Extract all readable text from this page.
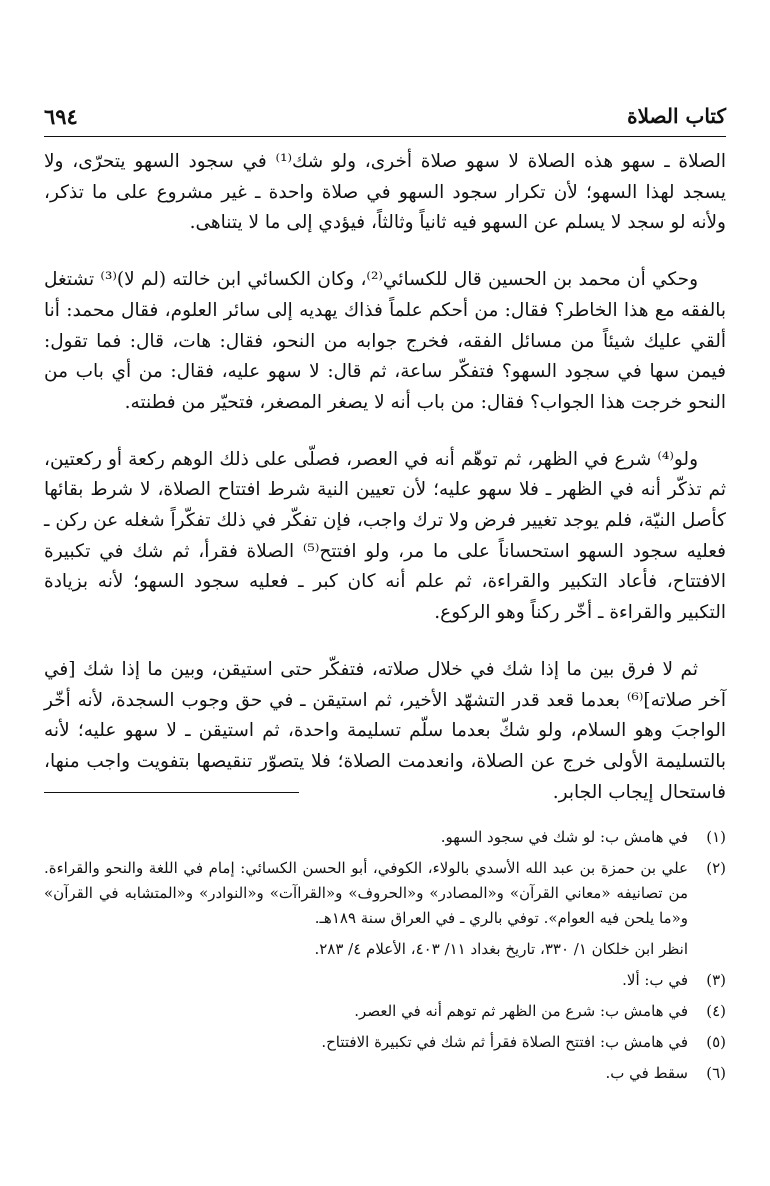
كتاب الصلاة
٦٩٤

الصلاة ـ سهو هذه الصلاة لا سهو صلاة أخرى، ولو شك⁽¹⁾ في سجود السهو يتحرّى، ولا يسجد لهذا السهو؛ لأن تكرار سجود السهو في صلاة واحدة ـ غير مشروع على ما تذكر، ولأنه لو سجد لا يسلم عن السهو فيه ثانياً وثالثاً، فيؤدي إلى ما لا يتناهى.

وحكي أن محمد بن الحسين قال للكسائي⁽²⁾، وكان الكسائي ابن خالته (لم لا)⁽³⁾ تشتغل بالفقه مع هذا الخاطر؟ فقال: من أحكم علماً فذاك يهديه إلى سائر العلوم، فقال محمد: أنا ألقي عليك شيئاً من مسائل الفقه، فخرج جوابه من النحو، فقال: هات، قال: فما تقول: فيمن سها في سجود السهو؟ فتفكّر ساعة، ثم قال: لا سهو عليه، فقال: من أي باب من النحو خرجت هذا الجواب؟ فقال: من باب أنه لا يصغر المصغر، فتحيّر من فطنته.

ولو⁽⁴⁾ شرع في الظهر، ثم توهّم أنه في العصر، فصلّى على ذلك الوهم ركعة أو ركعتين، ثم تذكّر أنه في الظهر ـ فلا سهو عليه؛ لأن تعيين النية شرط افتتاح الصلاة، لا شرط بقائها كأصل النيّة، فلم يوجد تغيير فرض ولا ترك واجب، فإن تفكّر في ذلك تفكّراً شغله عن ركن ـ فعليه سجود السهو استحساناً على ما مر، ولو افتتح⁽⁵⁾ الصلاة فقرأ، ثم شك في تكبيرة الافتتاح، فأعاد التكبير والقراءة، ثم علم أنه كان كبر ـ فعليه سجود السهو؛ لأنه بزيادة التكبير والقراءة ـ أخّر ركناً وهو الركوع.

ثم لا فرق بين ما إذا شك في خلال صلاته، فتفكّر حتى استيقن، وبين ما إذا شك [في آخر صلاته]⁽⁶⁾ بعدما قعد قدر التشهّد الأخير، ثم استيقن ـ في حق وجوب السجدة، لأنه أخّر الواجبَ وهو السلام، ولو شكّ بعدما سلّم تسليمة واحدة، ثم استيقن ـ لا سهو عليه؛ لأنه بالتسليمة الأولى خرج عن الصلاة، وانعدمت الصلاة؛ فلا يتصوّر تنقيصها بتفويت واجب منها، فاستحال إيجاب الجابر.

(١)
في هامش ب: لو شك في سجود السهو.
(٢)
علي بن حمزة بن عبد الله الأسدي بالولاء، الكوفي، أبو الحسن الكسائي: إمام في اللغة والنحو والقراءة. من تصانيفه «معاني القرآن» و«المصادر» و«الحروف» و«القراآت» و«النوادر» و«المتشابه في القرآن» و«ما يلحن فيه العوام». توفي بالري ـ في العراق سنة ١٨٩هـ.
انظر ابن خلكان ١/ ٣٣٠، تاريخ بغداد ١١/ ٤٠٣، الأعلام ٤/ ٢٨٣.
(٣)
في ب: ألا.
(٤)
في هامش ب: شرع من الظهر ثم توهم أنه في العصر.
(٥)
في هامش ب: افتتح الصلاة فقرأ ثم شك في تكبيرة الافتتاح.
(٦)
سقط في ب.
